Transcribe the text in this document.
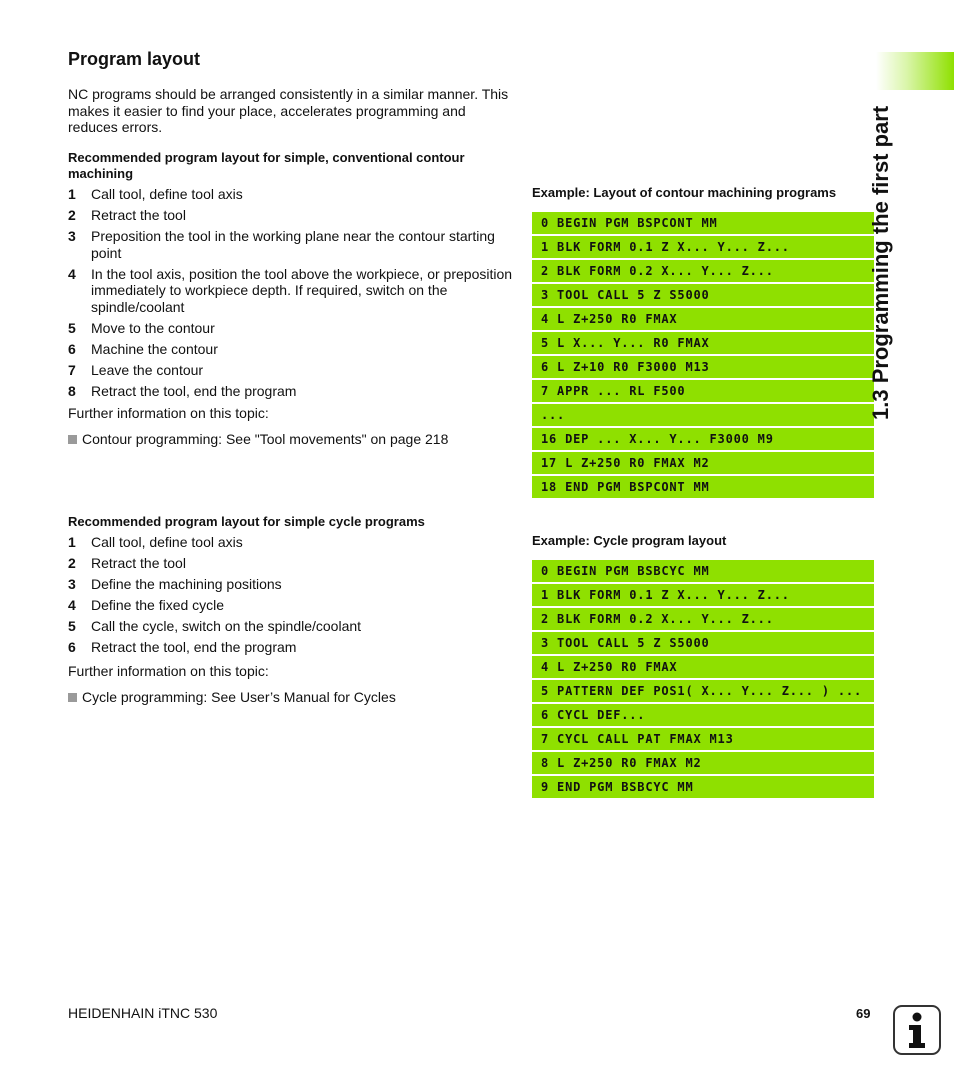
Program layout
NC programs should be arranged consistently in a similar manner. This makes it easier to find your place, accelerates programming and reduces errors.
Recommended program layout for simple, conventional contour machining
1	Call tool, define tool axis
2	Retract the tool
3	Preposition the tool in the working plane near the contour starting point
4	In the tool axis, position the tool above the workpiece, or preposition immediately to workpiece depth. If required, switch on the spindle/coolant
5	Move to the contour
6	Machine the contour
7	Leave the contour
8	Retract the tool, end the program
Further information on this topic:
Contour programming: See "Tool movements" on page 218
Example: Layout of contour machining programs
0 BEGIN PGM BSPCONT MM
1 BLK FORM 0.1 Z X... Y... Z...
2 BLK FORM 0.2 X... Y... Z...
3 TOOL CALL 5 Z S5000
4 L Z+250 R0 FMAX
5 L X... Y... R0 FMAX
6 L Z+10 R0 F3000 M13
7 APPR ... RL F500
...
16 DEP ... X... Y... F3000 M9
17 L Z+250 R0 FMAX M2
18 END PGM BSPCONT MM
Recommended program layout for simple cycle programs
1	Call tool, define tool axis
2	Retract the tool
3	Define the machining positions
4	Define the fixed cycle
5	Call the cycle, switch on the spindle/coolant
6	Retract the tool, end the program
Further information on this topic:
Cycle programming: See User’s Manual for Cycles
Example: Cycle program layout
0 BEGIN PGM BSBCYC MM
1 BLK FORM 0.1 Z X... Y... Z...
2 BLK FORM 0.2 X... Y... Z...
3 TOOL CALL 5 Z S5000
4 L Z+250 R0 FMAX
5 PATTERN DEF POS1( X... Y... Z... ) ...
6 CYCL DEF...
7 CYCL CALL PAT FMAX M13
8 L Z+250 R0 FMAX M2
9 END PGM BSBCYC MM
1.3 Programming the first part
HEIDENHAIN iTNC 530	69
